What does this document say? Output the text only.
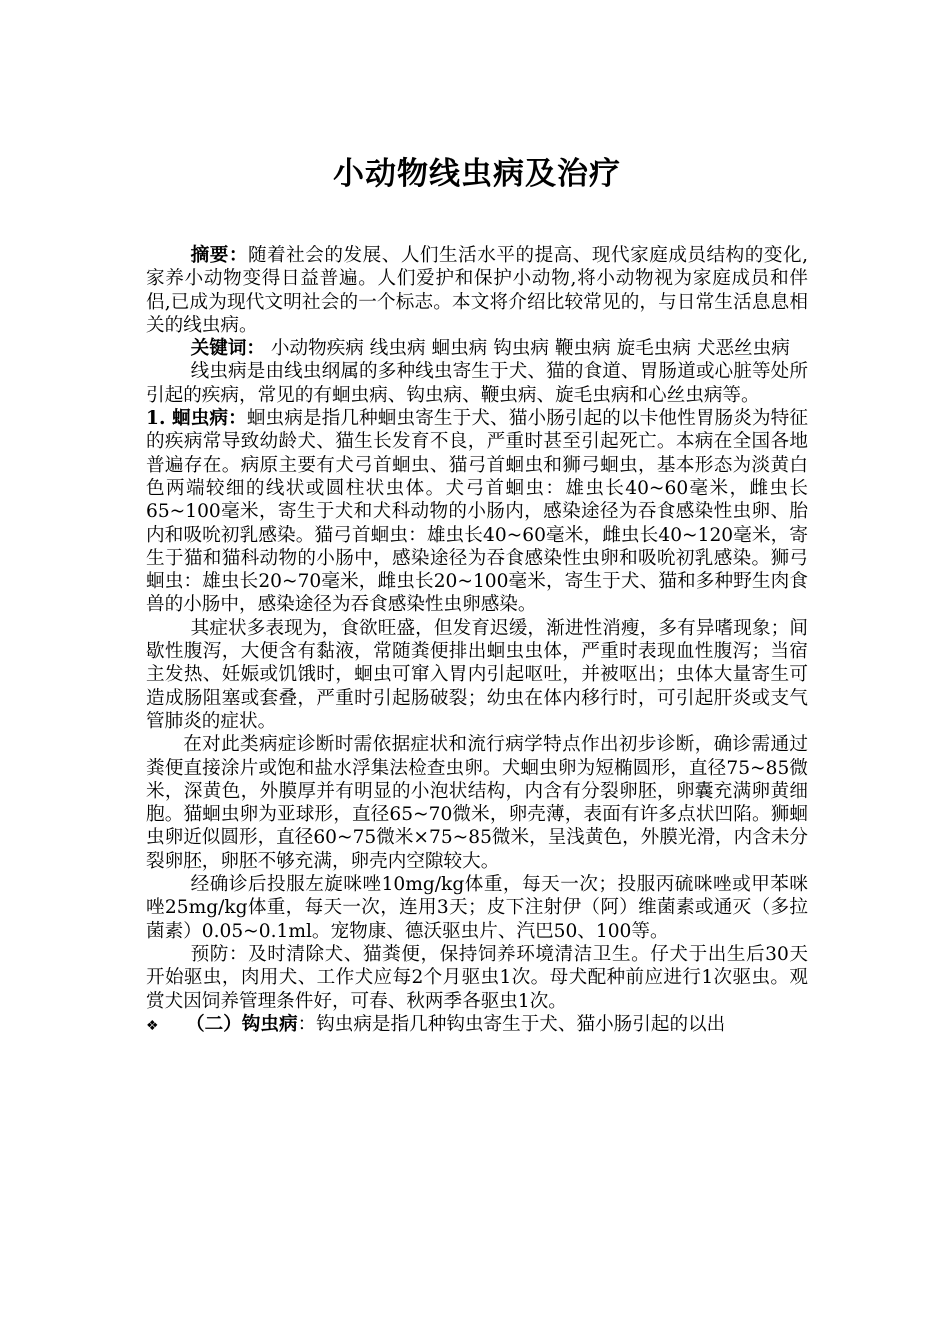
小动物线虫病及治疗

摘要：随着社会的发展、人们生活水平的提高、现代家庭成员结构的变化,家养小动物变得日益普遍。人们爱护和保护小动物,将小动物视为家庭成员和伴侣,已成为现代文明社会的一个标志。本文将介绍比较常见的，与日常生活息息相关的线虫病。

关键词： 小动物疾病 线虫病 蛔虫病 钩虫病 鞭虫病 旋毛虫病 犬恶丝虫病

线虫病是由线虫纲属的多种线虫寄生于犬、猫的食道、胃肠道或心脏等处所引起的疾病，常见的有蛔虫病、钩虫病、鞭虫病、旋毛虫病和心丝虫病等。

1. 蛔虫病：蛔虫病是指几种蛔虫寄生于犬、猫小肠引起的以卡他性胃肠炎为特征的疾病常导致幼龄犬、猫生长发育不良，严重时甚至引起死亡。本病在全国各地普遍存在。病原主要有犬弓首蛔虫、猫弓首蛔虫和狮弓蛔虫，基本形态为淡黄白色两端较细的线状或圆柱状虫体。犬弓首蛔虫：雄虫长40~60毫米，雌虫长65~100毫米，寄生于犬和犬科动物的小肠内，感染途径为吞食感染性虫卵、胎内和吸吮初乳感染。猫弓首蛔虫：雄虫长40~60毫米，雌虫长40~120毫米，寄生于猫和猫科动物的小肠中，感染途径为吞食感染性虫卵和吸吮初乳感染。狮弓蛔虫：雄虫长20~70毫米，雌虫长20~100毫米，寄生于犬、猫和多种野生肉食兽的小肠中，感染途径为吞食感染性虫卵感染。

其症状多表现为，食欲旺盛，但发育迟缓，渐进性消瘦，多有异嗜现象；间歇性腹泻，大便含有黏液，常随粪便排出蛔虫虫体，严重时表现血性腹泻；当宿主发热、妊娠或饥饿时，蛔虫可窜入胃内引起呕吐，并被呕出；虫体大量寄生可造成肠阻塞或套叠，严重时引起肠破裂；幼虫在体内移行时，可引起肝炎或支气管肺炎的症状。

在对此类病症诊断时需依据症状和流行病学特点作出初步诊断，确诊需通过粪便直接涂片或饱和盐水浮集法检查虫卵。犬蛔虫卵为短椭圆形，直径75~85微米，深黄色，外膜厚并有明显的小泡状结构，内含有分裂卵胚，卵囊充满卵黄细胞。猫蛔虫卵为亚球形，直径65~70微米，卵壳薄，表面有许多点状凹陷。狮蛔虫卵近似圆形，直径60~75微米×75~85微米，呈浅黄色，外膜光滑，内含未分裂卵胚，卵胚不够充满，卵壳内空隙较大。

经确诊后投服左旋咪唑10mg/kg体重，每天一次；投服丙硫咪唑或甲苯咪唑25mg/kg体重，每天一次，连用3天；皮下注射伊（阿）维菌素或通灭（多拉菌素）0.05~0.1ml。宠物康、德沃驱虫片、汽巴50、100等。

预防：及时清除犬、猫粪便，保持饲养环境清洁卫生。仔犬于出生后30天开始驱虫，肉用犬、工作犬应每2个月驱虫1次。母犬配种前应进行1次驱虫。观赏犬因饲养管理条件好，可春、秋两季各驱虫1次。

❖ （二）钩虫病：钩虫病是指几种钩虫寄生于犬、猫小肠引起的以出
